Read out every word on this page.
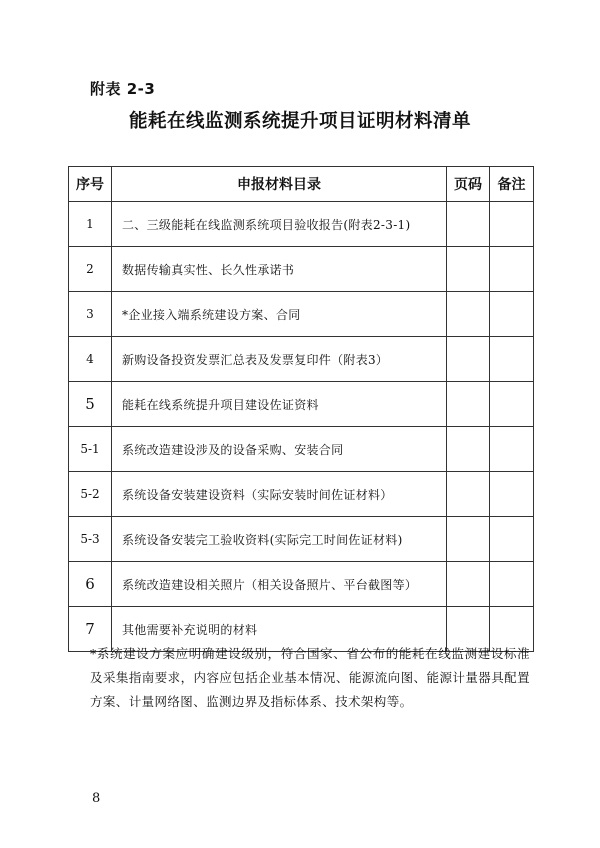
附表 2-3
能耗在线监测系统提升项目证明材料清单
序号	申报材料目录	页码	备注
1	二、三级能耗在线监测系统项目验收报告(附表2-3-1)		
2	数据传输真实性、长久性承诺书		
3	*企业接入端系统建设方案、合同		
4	新购设备投资发票汇总表及发票复印件（附表3）		
5	能耗在线系统提升项目建设佐证资料		
5-1	系统改造建设涉及的设备采购、安装合同		
5-2	系统设备安装建设资料（实际安装时间佐证材料）		
5-3	系统设备安装完工验收资料(实际完工时间佐证材料)		
6	系统改造建设相关照片（相关设备照片、平台截图等）		
7	其他需要补充说明的材料		
*系统建设方案应明确建设级别，符合国家、省公布的能耗在线监测建设标准及采集指南要求，内容应包括企业基本情况、能源流向图、能源计量器具配置方案、计量网络图、监测边界及指标体系、技术架构等。
8
